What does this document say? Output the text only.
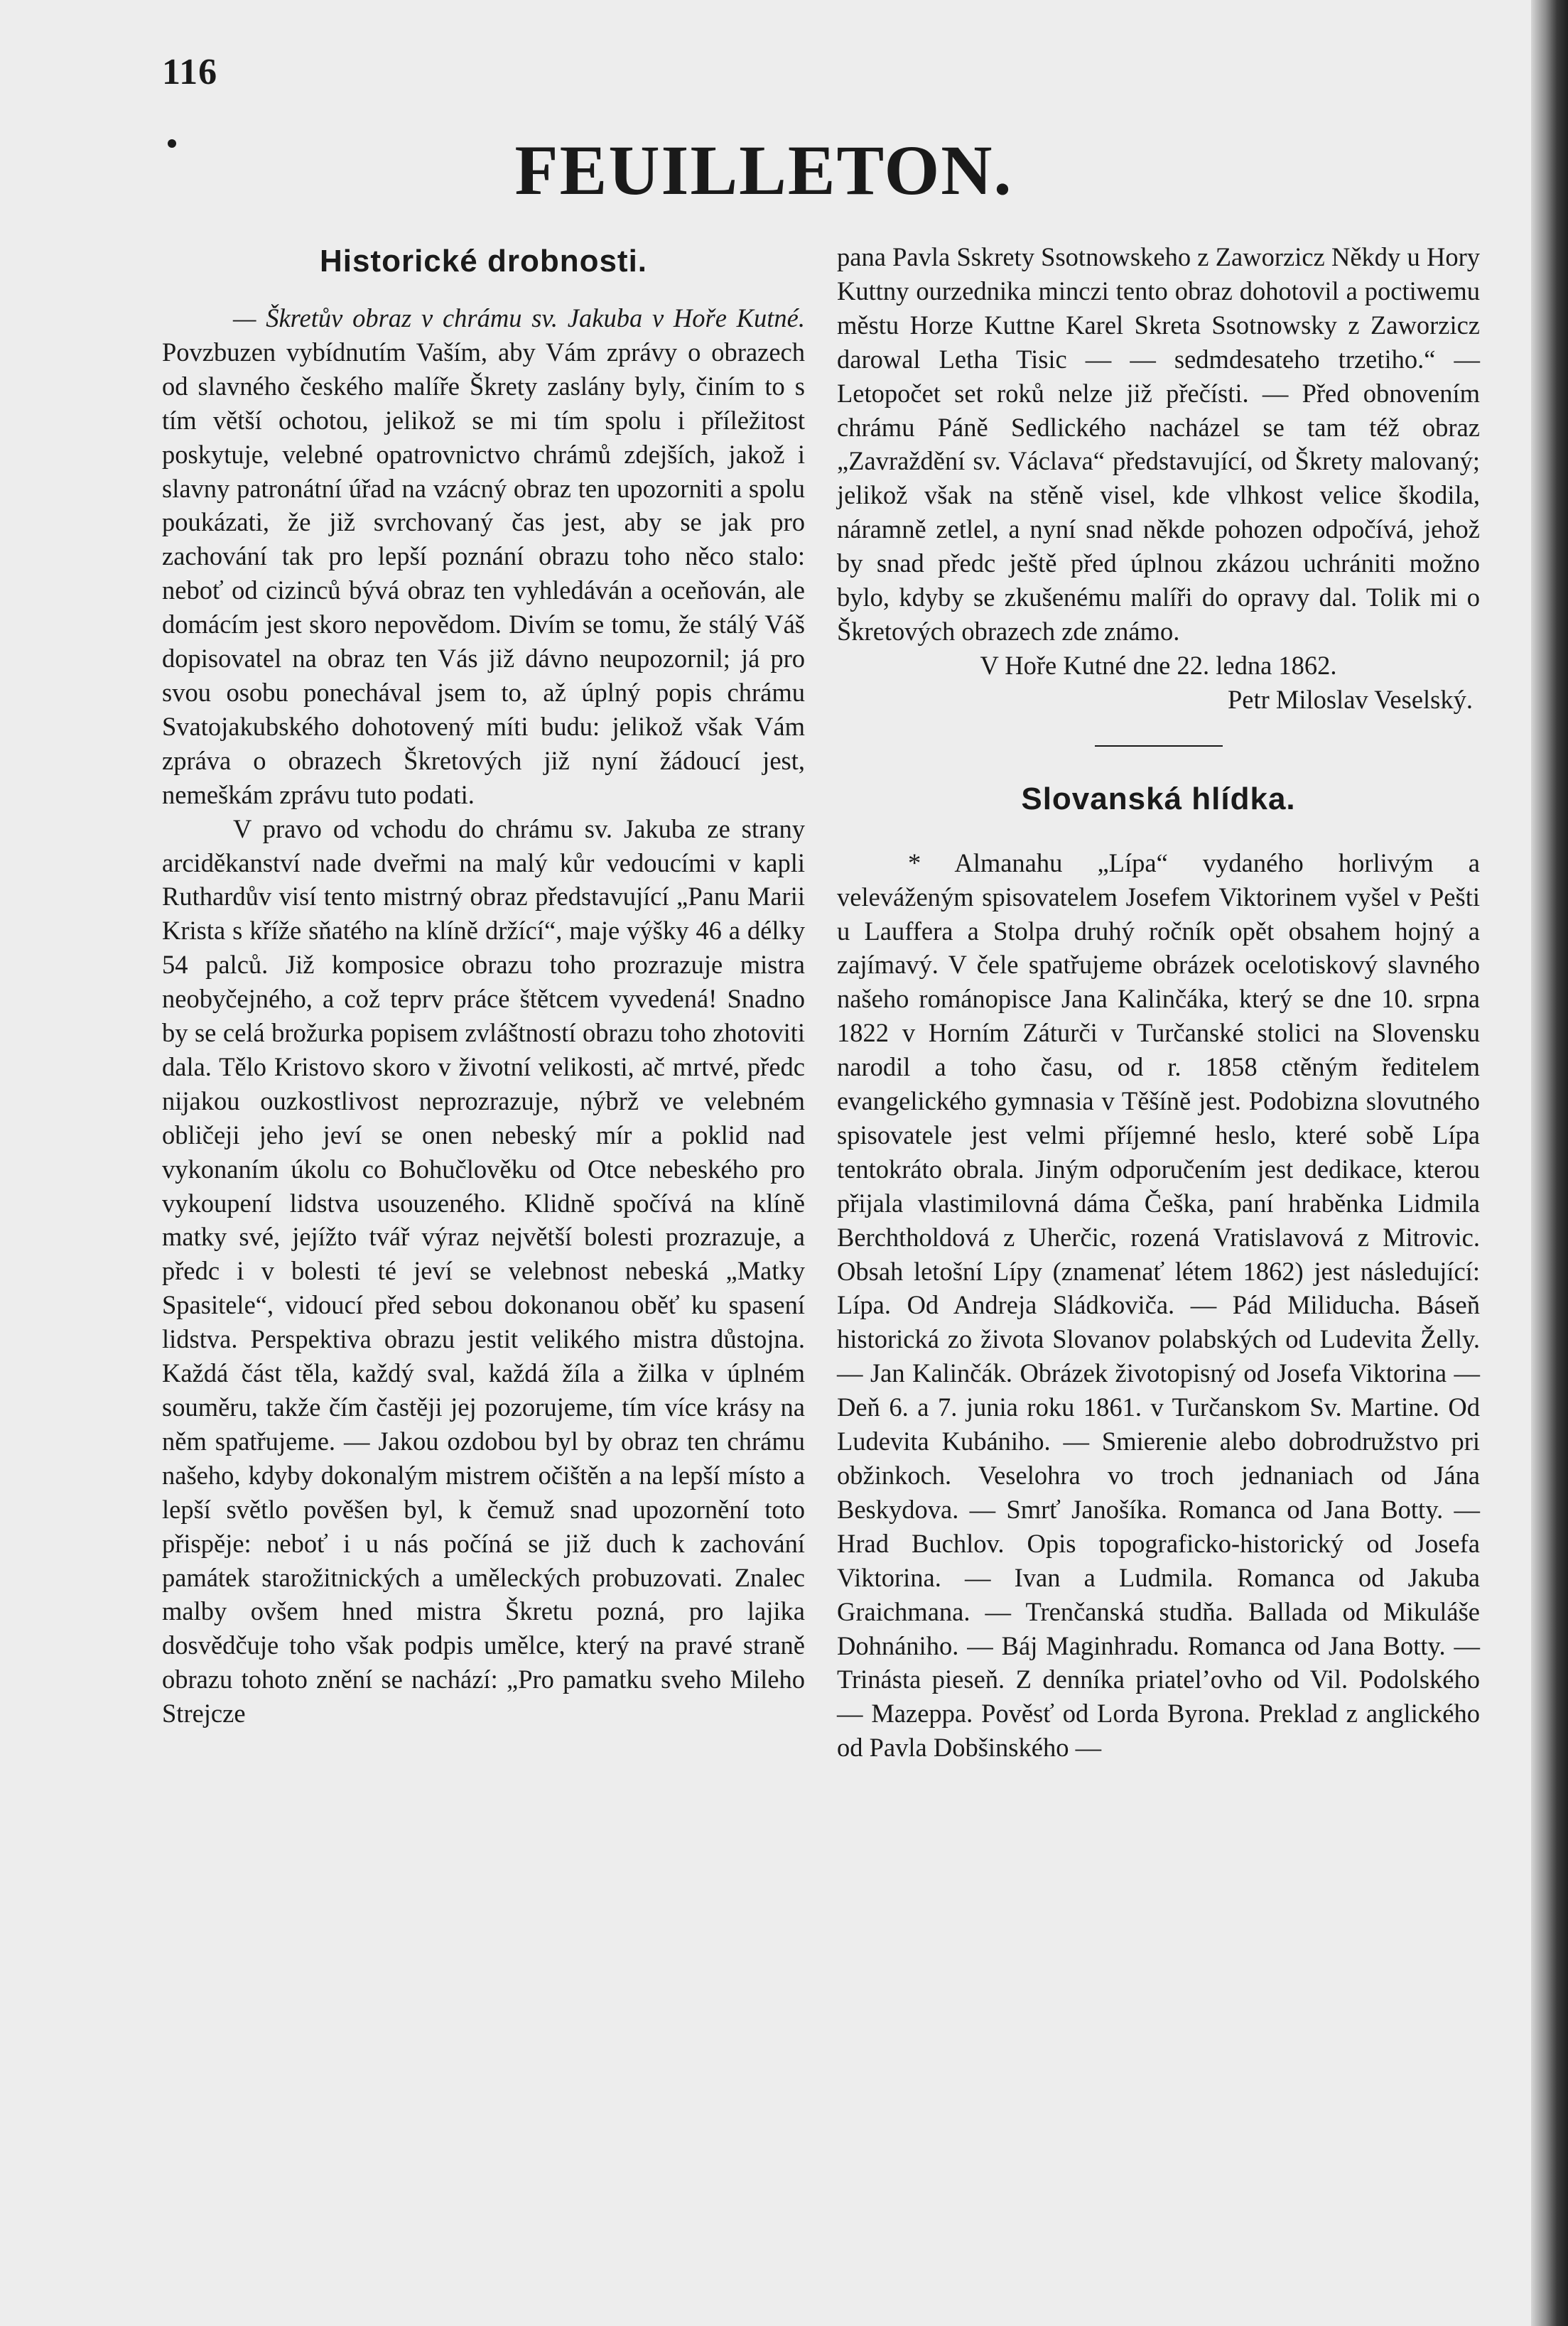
116
FEUILLETON.
Historické drobnosti.

— Škretův obraz v chrámu sv. Jakuba v Hoře Kutné. Povzbuzen vybídnutím Vaším, aby Vám zprávy o obrazech od slavného českého malíře Škrety zaslány byly, činím to s tím větší ochotou, jelikož se mi tím spolu i příležitost poskytuje, velebné opatrovnictvo chrámů zdejších, jakož i slavny patronátní úřad na vzácný obraz ten upozorniti a spolu poukázati, že již svrchovaný čas jest, aby se jak pro zachování tak pro lepší poznání obrazu toho něco stalo: neboť od cizinců bývá obraz ten vyhledáván a oceňován, ale domácím jest skoro nepovědom. Divím se tomu, že stálý Váš dopisovatel na obraz ten Vás již dávno neupozornil; já pro svou osobu ponechával jsem to, až úplný popis chrámu Svatojakubského dohotovený míti budu: jelikož však Vám zpráva o obrazech Škretových již nyní žádoucí jest, nemeškám zprávu tuto podati.

V pravo od vchodu do chrámu sv. Jakuba ze strany arciděkanství nade dveřmi na malý kůr vedoucími v kapli Ruthardův visí tento mistrný obraz představující „Panu Marii Krista s kříže sňatého na klíně držící“, maje výšky 46 a délky 54 palců. Již komposice obrazu toho prozrazuje mistra neobyčejného, a což teprv práce štětcem vyvedená! Snadno by se celá brožurka popisem zvláštností obrazu toho zhotoviti dala. Tělo Kristovo skoro v životní velikosti, ač mrtvé, předc nijakou ouzkostlivost neprozrazuje, nýbrž ve velebném obličeji jeho jeví se onen nebeský mír a poklid nad vykonaním úkolu co Bohučlověku od Otce nebeského pro vykoupení lidstva usouzeného. Klidně spočívá na klíně matky své, jejížto tvář výraz největší bolesti prozrazuje, a předc i v bolesti té jeví se velebnost nebeská „Matky Spasitele“, vidoucí před sebou dokonanou oběť ku spasení lidstva. Perspektiva obrazu jestit velikého mistra důstojna. Každá část těla, každý sval, každá žíla a žilka v úplném souměru, takže čím častěji jej pozorujeme, tím více krásy na něm spatřujeme. — Jakou ozdobou byl by obraz ten chrámu našeho, kdyby dokonalým mistrem očištěn a na lepší místo a lepší světlo pověšen byl, k čemuž snad upozornění toto přispěje: neboť i u nás počíná se již duch k zachování památek starožitnických a uměleckých probuzovati. Znalec malby ovšem hned mistra Škretu pozná, pro lajika dosvědčuje toho však podpis umělce, který na pravé straně obrazu tohoto znění se nachází: „Pro pamatku sveho Mileho Strejcze

pana Pavla Sskrety Ssotnowskeho z Zaworzicz Někdy u Hory Kuttny ourzednika minczi tento obraz dohotovil a poctiwemu městu Horze Kuttne Karel Skreta Ssotnowsky z Zaworzicz darowal Letha Tisic — — sedmdesateho trzetiho.“ — Letopočet set roků nelze již přečísti. — Před obnovením chrámu Páně Sedlického nacházel se tam též obraz „Zavraždění sv. Václava“ představující, od Škrety malovaný; jelikož však na stěně visel, kde vlhkost velice škodila, náramně zetlel, a nyní snad někde pohozen odpočívá, jehož by snad předc ještě před úplnou zkázou uchrániti možno bylo, kdyby se zkušenému malíři do opravy dal. Tolik mi o Škretových obrazech zde známo.

V Hoře Kutné dne 22. ledna 1862.

Petr Miloslav Veselský.

Slovanská hlídka.

* Almanahu „Lípa“ vydaného horlivým a veleváženým spisovatelem Josefem Viktorinem vyšel v Pešti u Lauffera a Stolpa druhý ročník opět obsahem hojný a zajímavý. V čele spatřujeme obrázek ocelotiskový slavného našeho románopisce Jana Kalinčáka, který se dne 10. srpna 1822 v Horním Záturči v Turčanské stolici na Slovensku narodil a toho času, od r. 1858 ctěným ředitelem evangelického gymnasia v Těšíně jest. Podobizna slovutného spisovatele jest velmi příjemné heslo, které sobě Lípa tentokráto obrala. Jiným odporučením jest dedikace, kterou přijala vlastimilovná dáma Češka, paní hraběnka Lidmila Berchtholdová z Uherčic, rozená Vratislavová z Mitrovic. Obsah letošní Lípy (znamenať létem 1862) jest následující: Lípa. Od Andreja Sládkoviča. — Pád Miliducha. Báseň historická zo života Slovanov polabských od Ludevita Želly. — Jan Kalinčák. Obrázek životopisný od Josefa Viktorina — Deň 6. a 7. junia roku 1861. v Turčanskom Sv. Martine. Od Ludevita Kubániho. — Smierenie alebo dobrodružstvo pri obžinkoch. Veselohra vo troch jednaniach od Jána Beskydova. — Smrť Janošíka. Romanca od Jana Botty. — Hrad Buchlov. Opis topograficko-historický od Josefa Viktorina. — Ivan a Ludmila. Romanca od Jakuba Graichmana. — Trenčanská studňa. Ballada od Mikuláše Dohnániho. — Báj Maginhradu. Romanca od Jana Botty. — Trinásta pieseň. Z denníka priatel’ovho od Vil. Podolského — Mazeppa. Pověsť od Lorda Byrona. Preklad z anglického od Pavla Dobšinského —
